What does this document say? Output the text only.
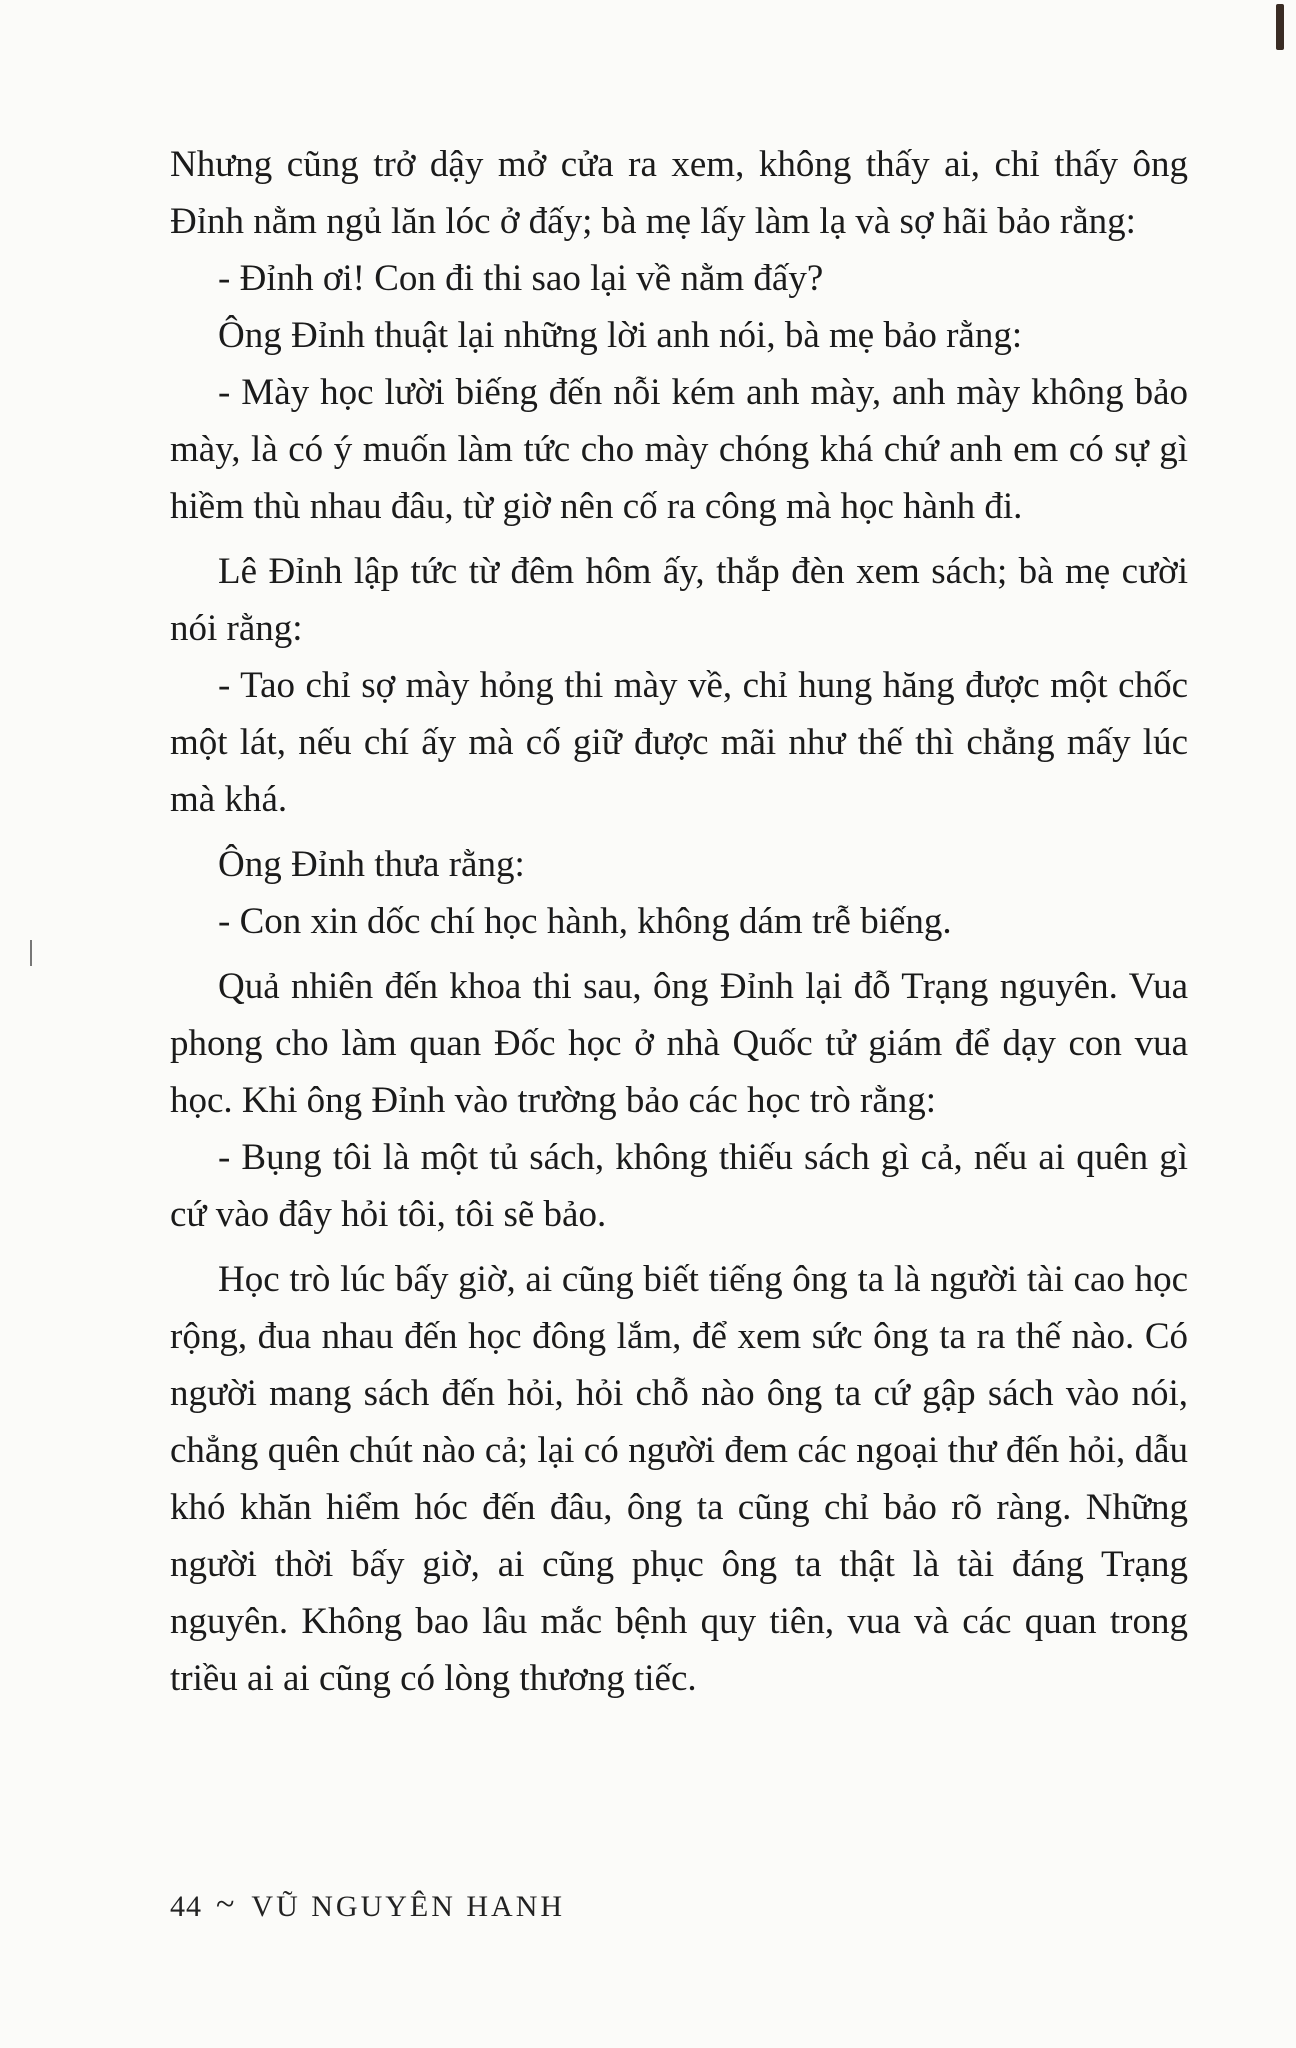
Nhưng cũng trở dậy mở cửa ra xem, không thấy ai, chỉ thấy ông Đỉnh nằm ngủ lăn lóc ở đấy; bà mẹ lấy làm lạ và sợ hãi bảo rằng:

- Đỉnh ơi! Con đi thi sao lại về nằm đấy?

Ông Đỉnh thuật lại những lời anh nói, bà mẹ bảo rằng:

- Mày học lười biếng đến nỗi kém anh mày, anh mày không bảo mày, là có ý muốn làm tức cho mày chóng khá chứ anh em có sự gì hiềm thù nhau đâu, từ giờ nên cố ra công mà học hành đi.

Lê Đỉnh lập tức từ đêm hôm ấy, thắp đèn xem sách; bà mẹ cười nói rằng:

- Tao chỉ sợ mày hỏng thi mày về, chỉ hung hăng được một chốc một lát, nếu chí ấy mà cố giữ được mãi như thế thì chẳng mấy lúc mà khá.

Ông Đỉnh thưa rằng:

- Con xin dốc chí học hành, không dám trễ biếng.

Quả nhiên đến khoa thi sau, ông Đỉnh lại đỗ Trạng nguyên. Vua phong cho làm quan Đốc học ở nhà Quốc tử giám để dạy con vua học. Khi ông Đỉnh vào trường bảo các học trò rằng:

- Bụng tôi là một tủ sách, không thiếu sách gì cả, nếu ai quên gì cứ vào đây hỏi tôi, tôi sẽ bảo.

Học trò lúc bấy giờ, ai cũng biết tiếng ông ta là người tài cao học rộng, đua nhau đến học đông lắm, để xem sức ông ta ra thế nào. Có người mang sách đến hỏi, hỏi chỗ nào ông ta cứ gập sách vào nói, chẳng quên chút nào cả; lại có người đem các ngoại thư đến hỏi, dẫu khó khăn hiểm hóc đến đâu, ông ta cũng chỉ bảo rõ ràng. Những người thời bấy giờ, ai cũng phục ông ta thật là tài đáng Trạng nguyên. Không bao lâu mắc bệnh quy tiên, vua và các quan trong triều ai ai cũng có lòng thương tiếc.

44 ~ VŨ NGUYÊN HANH
